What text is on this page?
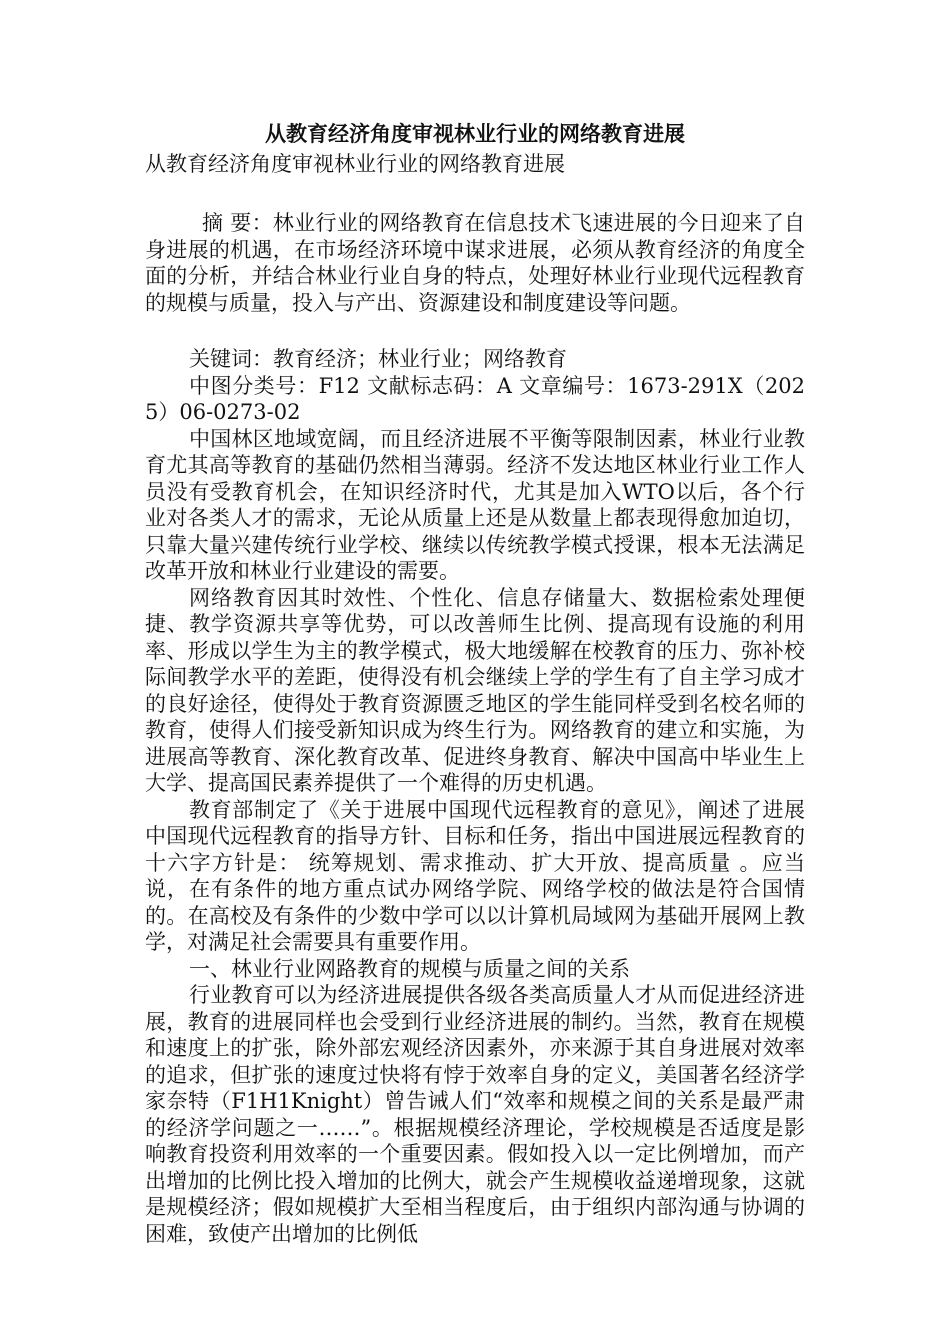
从教育经济角度审视林业行业的网络教育进展
从教育经济角度审视林业行业的网络教育进展

摘 要：林业行业的网络教育在信息技术飞速进展的今日迎来了自身进展的机遇，在市场经济环境中谋求进展，必须从教育经济的角度全面的分析，并结合林业行业自身的特点，处理好林业行业现代远程教育的规模与质量，投入与产出、资源建设和制度建设等问题。

关键词：教育经济；林业行业；网络教育

中图分类号：F12 文献标志码：A 文章编号：1673-291X（2025）06-0273-02

中国林区地域宽阔，而且经济进展不平衡等限制因素，林业行业教育尤其高等教育的基础仍然相当薄弱。经济不发达地区林业行业工作人员没有受教育机会，在知识经济时代，尤其是加入WTO以后，各个行业对各类人才的需求，无论从质量上还是从数量上都表现得愈加迫切，只靠大量兴建传统行业学校、继续以传统教学模式授课，根本无法满足改革开放和林业行业建设的需要。

网络教育因其时效性、个性化、信息存储量大、数据检索处理便捷、教学资源共享等优势，可以改善师生比例、提高现有设施的利用率、形成以学生为主的教学模式，极大地缓解在校教育的压力、弥补校际间教学水平的差距，使得没有机会继续上学的学生有了自主学习成才的良好途径，使得处于教育资源匮乏地区的学生能同样受到名校名师的教育，使得人们接受新知识成为终生行为。网络教育的建立和实施，为进展高等教育、深化教育改革、促进终身教育、解决中国高中毕业生上大学、提高国民素养提供了一个难得的历史机遇。

教育部制定了《关于进展中国现代远程教育的意见》，阐述了进展中国现代远程教育的指导方针、目标和任务，指出中国进展远程教育的十六字方针是： 统筹规划、需求推动、扩大开放、提高质量 。应当说，在有条件的地方重点试办网络学院、网络学校的做法是符合国情的。在高校及有条件的少数中学可以以计算机局域网为基础开展网上教学，对满足社会需要具有重要作用。

一、林业行业网路教育的规模与质量之间的关系

行业教育可以为经济进展提供各级各类高质量人才从而促进经济进展，教育的进展同样也会受到行业经济进展的制约。当然，教育在规模和速度上的扩张，除外部宏观经济因素外，亦来源于其自身进展对效率的追求，但扩张的速度过快将有悖于效率自身的定义，美国著名经济学家奈特（F1H1Knight）曾告诫人们“效率和规模之间的关系是最严肃的经济学问题之一……”。根据规模经济理论，学校规模是否适度是影响教育投资利用效率的一个重要因素。假如投入以一定比例增加，而产出增加的比例比投入增加的比例大，就会产生规模收益递增现象，这就是规模经济；假如规模扩大至相当程度后，由于组织内部沟通与协调的困难，致使产出增加的比例低
